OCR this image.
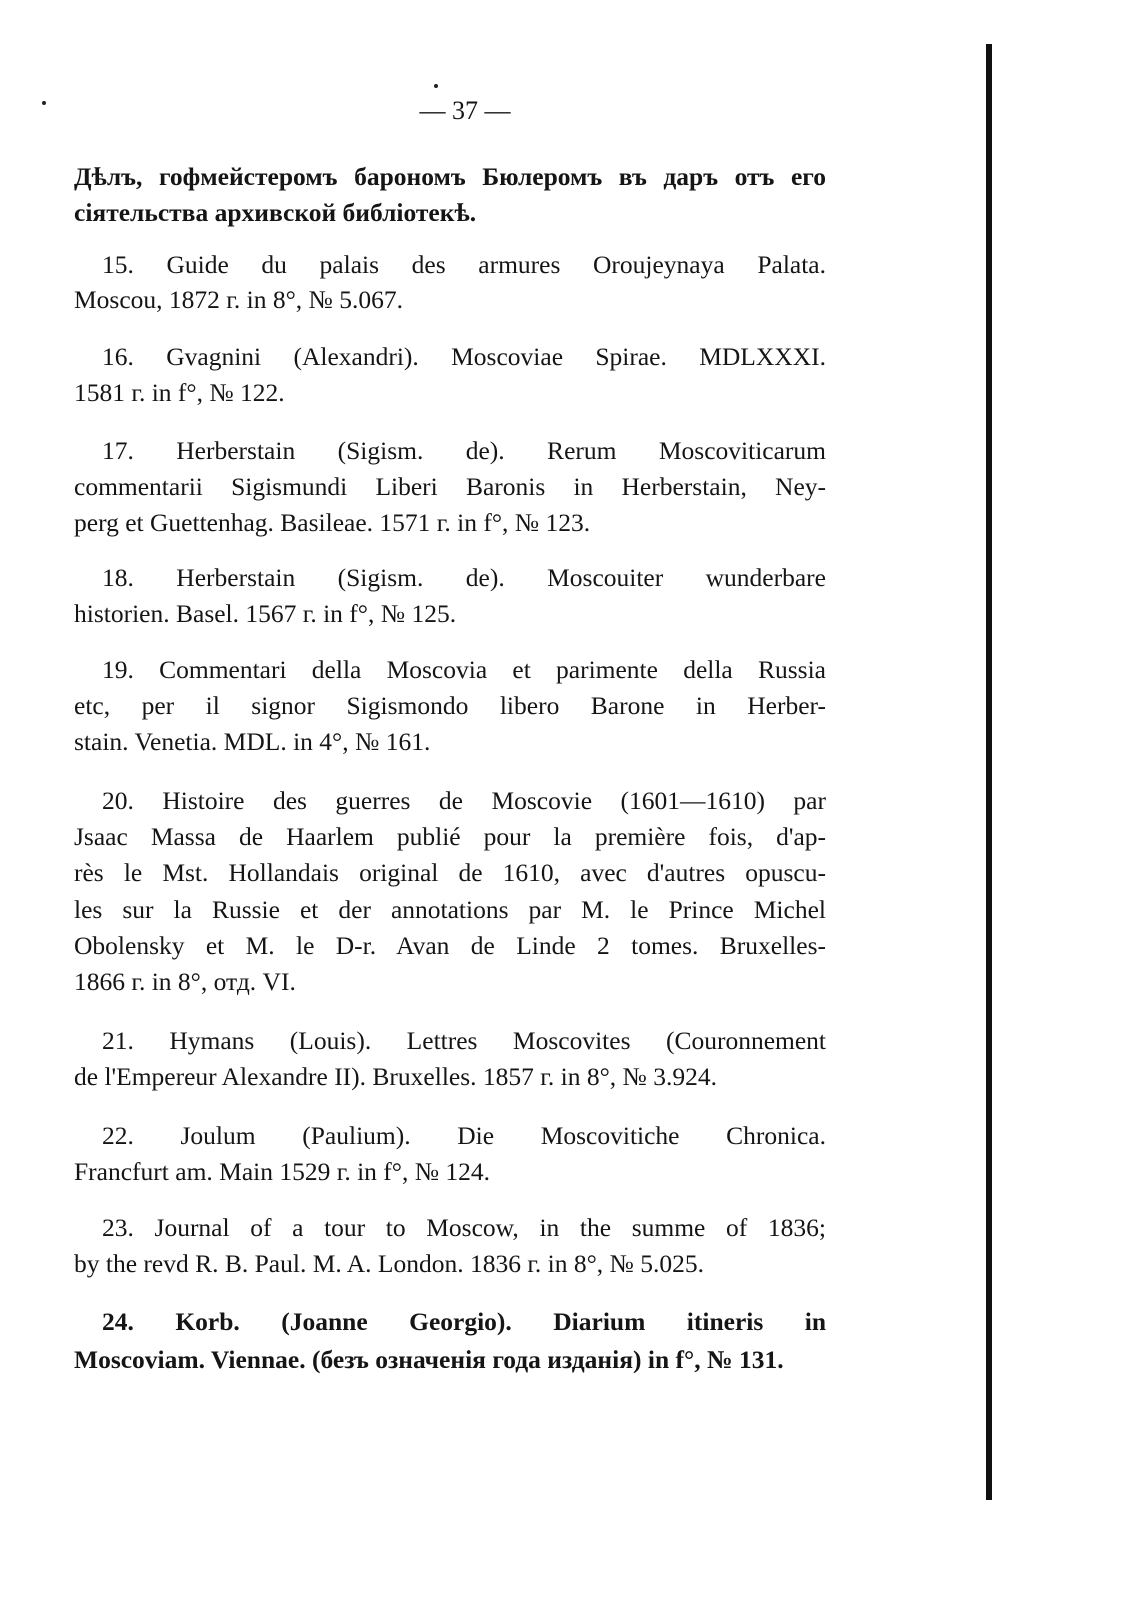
— 37 —
Дѣлъ, гофмейстеромъ барономъ Бюлеромъ въ даръ отъ его
сіятельства архивской библіотекѣ.
15. Guide du palais des armures Oroujeynaya Palata.
Moscou, 1872 г. in 8°, № 5.067.
16. Gvagnini (Alexandri). Moscoviae Spirae. MDLXXXI.
1581 г. in f°, № 122.
17. Herberstain (Sigism. de). Rerum Moscoviticarum
commentarii Sigismundi Liberi Baronis in Herberstain, Ney-
perg et Guettenhag. Basileae. 1571 г. in f°, № 123.
18. Herberstain (Sigism. de). Moscouiter wunderbare
historien. Basel. 1567 г. in f°, № 125.
19. Commentari della Moscovia et parimente della Russia
etc, per il signor Sigismondo libero Barone in Herber-
stain. Venetia. MDL. in 4°, № 161.
20. Histoire des guerres de Moscovie (1601—1610) par
Jsaac Massa de Haarlem publié pour la première fois, d'ap-
rès le Mst. Hollandais original de 1610, avec d'autres opuscu-
les sur la Russie et der annotations par M. le Prince Michel
Obolensky et M. le D-r. Avan de Linde 2 tomes. Bruxelles-
1866 г. in 8°, отд. VI.
21. Hymans (Louis). Lettres Moscovites (Couronnement
de l'Empereur Alexandre II). Bruxelles. 1857 г. in 8°, № 3.924.
22. Joulum (Paulium). Die Moscovitiche Chronica.
Francfurt am. Main 1529 г. in f°, № 124.
23. Journal of a tour to Moscow, in the summe of 1836;
by the revd R. B. Paul. M. A. London. 1836 г. in 8°, № 5.025.
24. Korb. (Joanne Georgio). Diarium itineris in
Moscoviam. Viennae. (безъ означенія года изданія) in f°, № 131.
